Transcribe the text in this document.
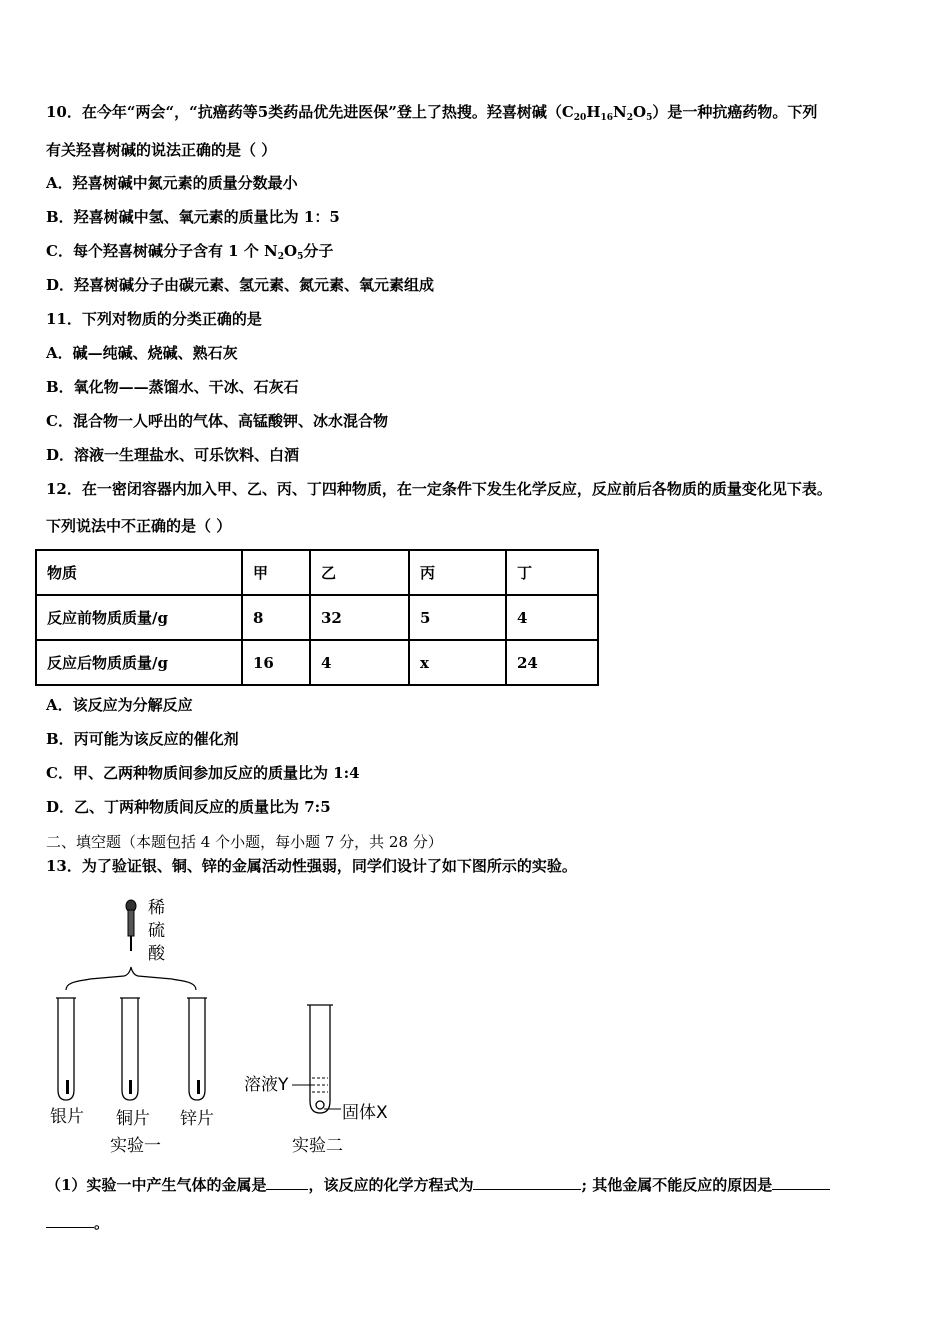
10．在今年“两会“，“抗癌药等5类药品优先进医保”登上了热搜。羟喜树碱$(C_{20}H_{16}N_2O_5)$是一种抗癌药物。下列
有关羟喜树碱的说法正确的是（ ）
A．羟喜树碱中氮元素的质量分数最小
B．羟喜树碱中氢、氧元素的质量比为 1：5
C．每个羟喜树碱分子含有 1 个 $N_2O_5$分子
D．羟喜树碱分子由碳元素、氢元素、氮元素、氧元素组成
11．下列对物质的分类正确的是
A．碱—纯碱、烧碱、熟石灰
B．氧化物——蒸馏水、干冰、石灰石
C．混合物一人呼出的气体、高锰酸钾、冰水混合物
D．溶液一生理盐水、可乐饮料、白酒
12．在一密闭容器内加入甲、乙、丙、丁四种物质，在一定条件下发生化学反应，反应前后各物质的质量变化见下表。
下列说法中不正确的是（ ）
物质	甲	乙	丙	丁
反应前物质质量/g	8	32	5	4
反应后物质质量/g	16	4	x	24
A．该反应为分解反应
B．丙可能为该反应的催化剂
C．甲、乙两种物质间参加反应的质量比为 1:4
D．乙、丁两种物质间反应的质量比为 7:5
二、填空题（本题包括 4 个小题，每小题 7 分，共 28 分）
13．为了验证银、铜、锌的金属活动性强弱，同学们设计了如下图所示的实验。
稀
硫
酸
银片 铜片 锌片
实验一
溶液Y
固体X
实验二
（1）实验一中产生气体的金属是	，该反应的化学方程式为	; 其他金属不能反应的原因是
。
